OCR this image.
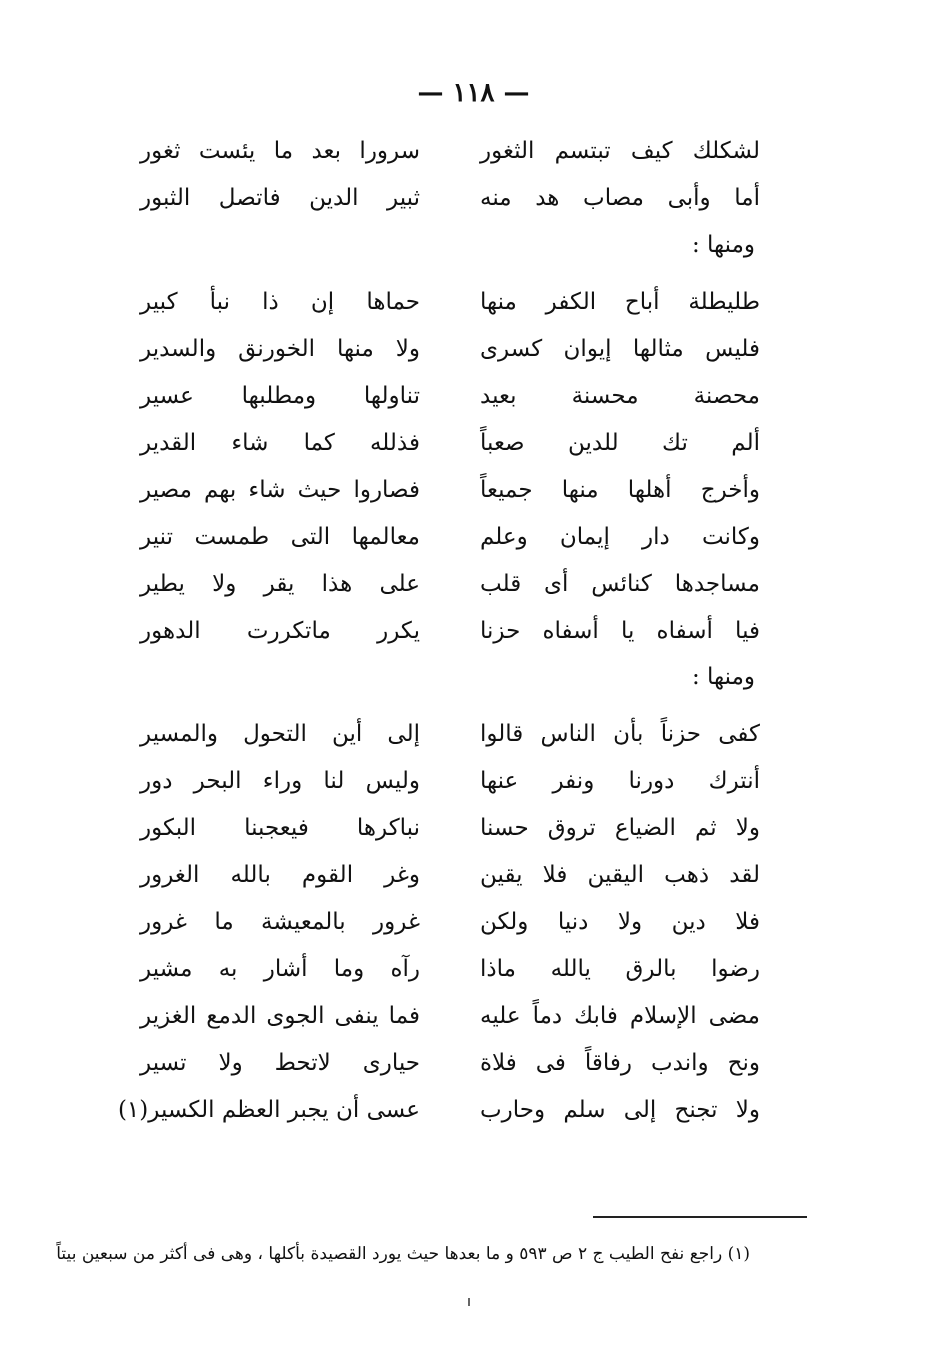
— ١١٨ —
لشكلك كيف تبتسم الثغور
سرورا بعد ما يئست ثغور
أما وأبى مصاب هد منه
ثبير الدين فاتصل الثبور
ومنها :
طليطلة أباح الكفر منها
حماها إن ذا نبأ كبير
فليس مثالها إيوان كسرى
ولا منها الخورنق والسدير
محصنة محسنة بعيد
تناولها ومطلبها عسير
ألم تك للدين صعباً
فذلله كما شاء القدير
وأخرج أهلها منها جميعاً
فصاروا حيث شاء بهم مصير
وكانت دار إيمان وعلم
معالمها التى طمست تنير
مساجدها كنائس أى قلب
على هذا يقر ولا يطير
فيا أسفاه يا أسفاه حزنا
يكرر ماتكررت الدهور
ومنها :
كفى حزناً بأن الناس قالوا
إلى أين التحول والمسير
أنترك دورنا ونفر عنها
وليس لنا وراء البحر دور
ولا ثم الضياع تروق حسنا
نباكرها فيعجبنا البكور
لقد ذهب اليقين فلا يقين
وغر القوم بالله الغرور
فلا دين ولا دنيا ولكن
غرور بالمعيشة ما غرور
رضوا بالرق يالله ماذا
رآه وما أشار به مشير
مضى الإسلام فابك دماً عليه
فما ينفى الجوى الدمع الغزير
ونح واندب رفاقاً فى فلاة
حيارى لاتحط ولا تسير
ولا تجنح إلى سلم وحارب
عسى أن يجبر العظم الكسير(١)
(١) راجع نفح الطيب ج ٢ ص ٥٩٣ و ما بعدها حيث يورد القصيدة بأكلها ، وهى فى أكثر من سبعين بيتاً
